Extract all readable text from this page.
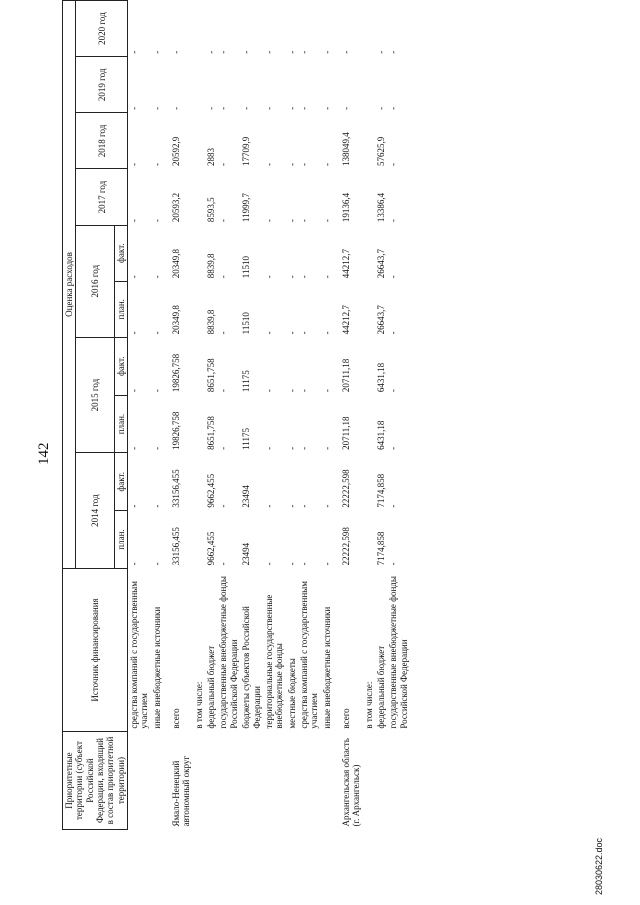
142
Приоритетные территории (субъект Российской Федерации, входящий в состав приоритетной территории)	Источник финансирования	Оценка расходов									
		2014 год		2015 год		2016 год		2017 год	2018 год	2019 год	2020 год
		план.	факт.	план.	факт.	план.	факт.				
	средства компаний с государственным участием	-	-	-	-	-	-	-	-	-	-
	иные внебюджетные источники	-	-	-	-	-	-	-	-	-	-
Ямало-Ненецкий автономный округ	всего	33156,455	33156,455	19826,758	19826,758	20349,8	20349,8	20593,2	20592,9	-	-
	в том числе:										
	федеральный бюджет	9662,455	9662,455	8651,758	8651,758	8839,8	8839,8	8593,5	2883	-	-
	государственные внебюджетные фонды Российской Федерации	-	-	-	-	-	-	-	-	-	-
	бюджеты субъектов Российской Федерации	23494	23494	11175	11175	11510	11510	11999,7	17709,9	-	-
	территориальные государственные внебюджетные фонды	-	-	-	-	-	-	-	-	-	-
	местные бюджеты	-	-	-	-	-	-	-	-	-	-
	средства компаний с государственным участием	-	-	-	-	-	-	-	-	-	-
	иные внебюджетные источники	-	-	-	-	-	-	-	-	-	-
Архангельская область (г. Архангельск)	всего	22222,598	22222,598	20711,18	20711,18	44212,7	44212,7	19136,4	138049,4	-	-
	в том числе:										
	федеральный бюджет	7174,858	7174,858	6431,18	6431,18	26643,7	26643,7	13386,4	57625,9	-	-
	государственные внебюджетные фонды Российской Федерации	-	-	-	-	-	-	-	-	-	-
28030622.doc
